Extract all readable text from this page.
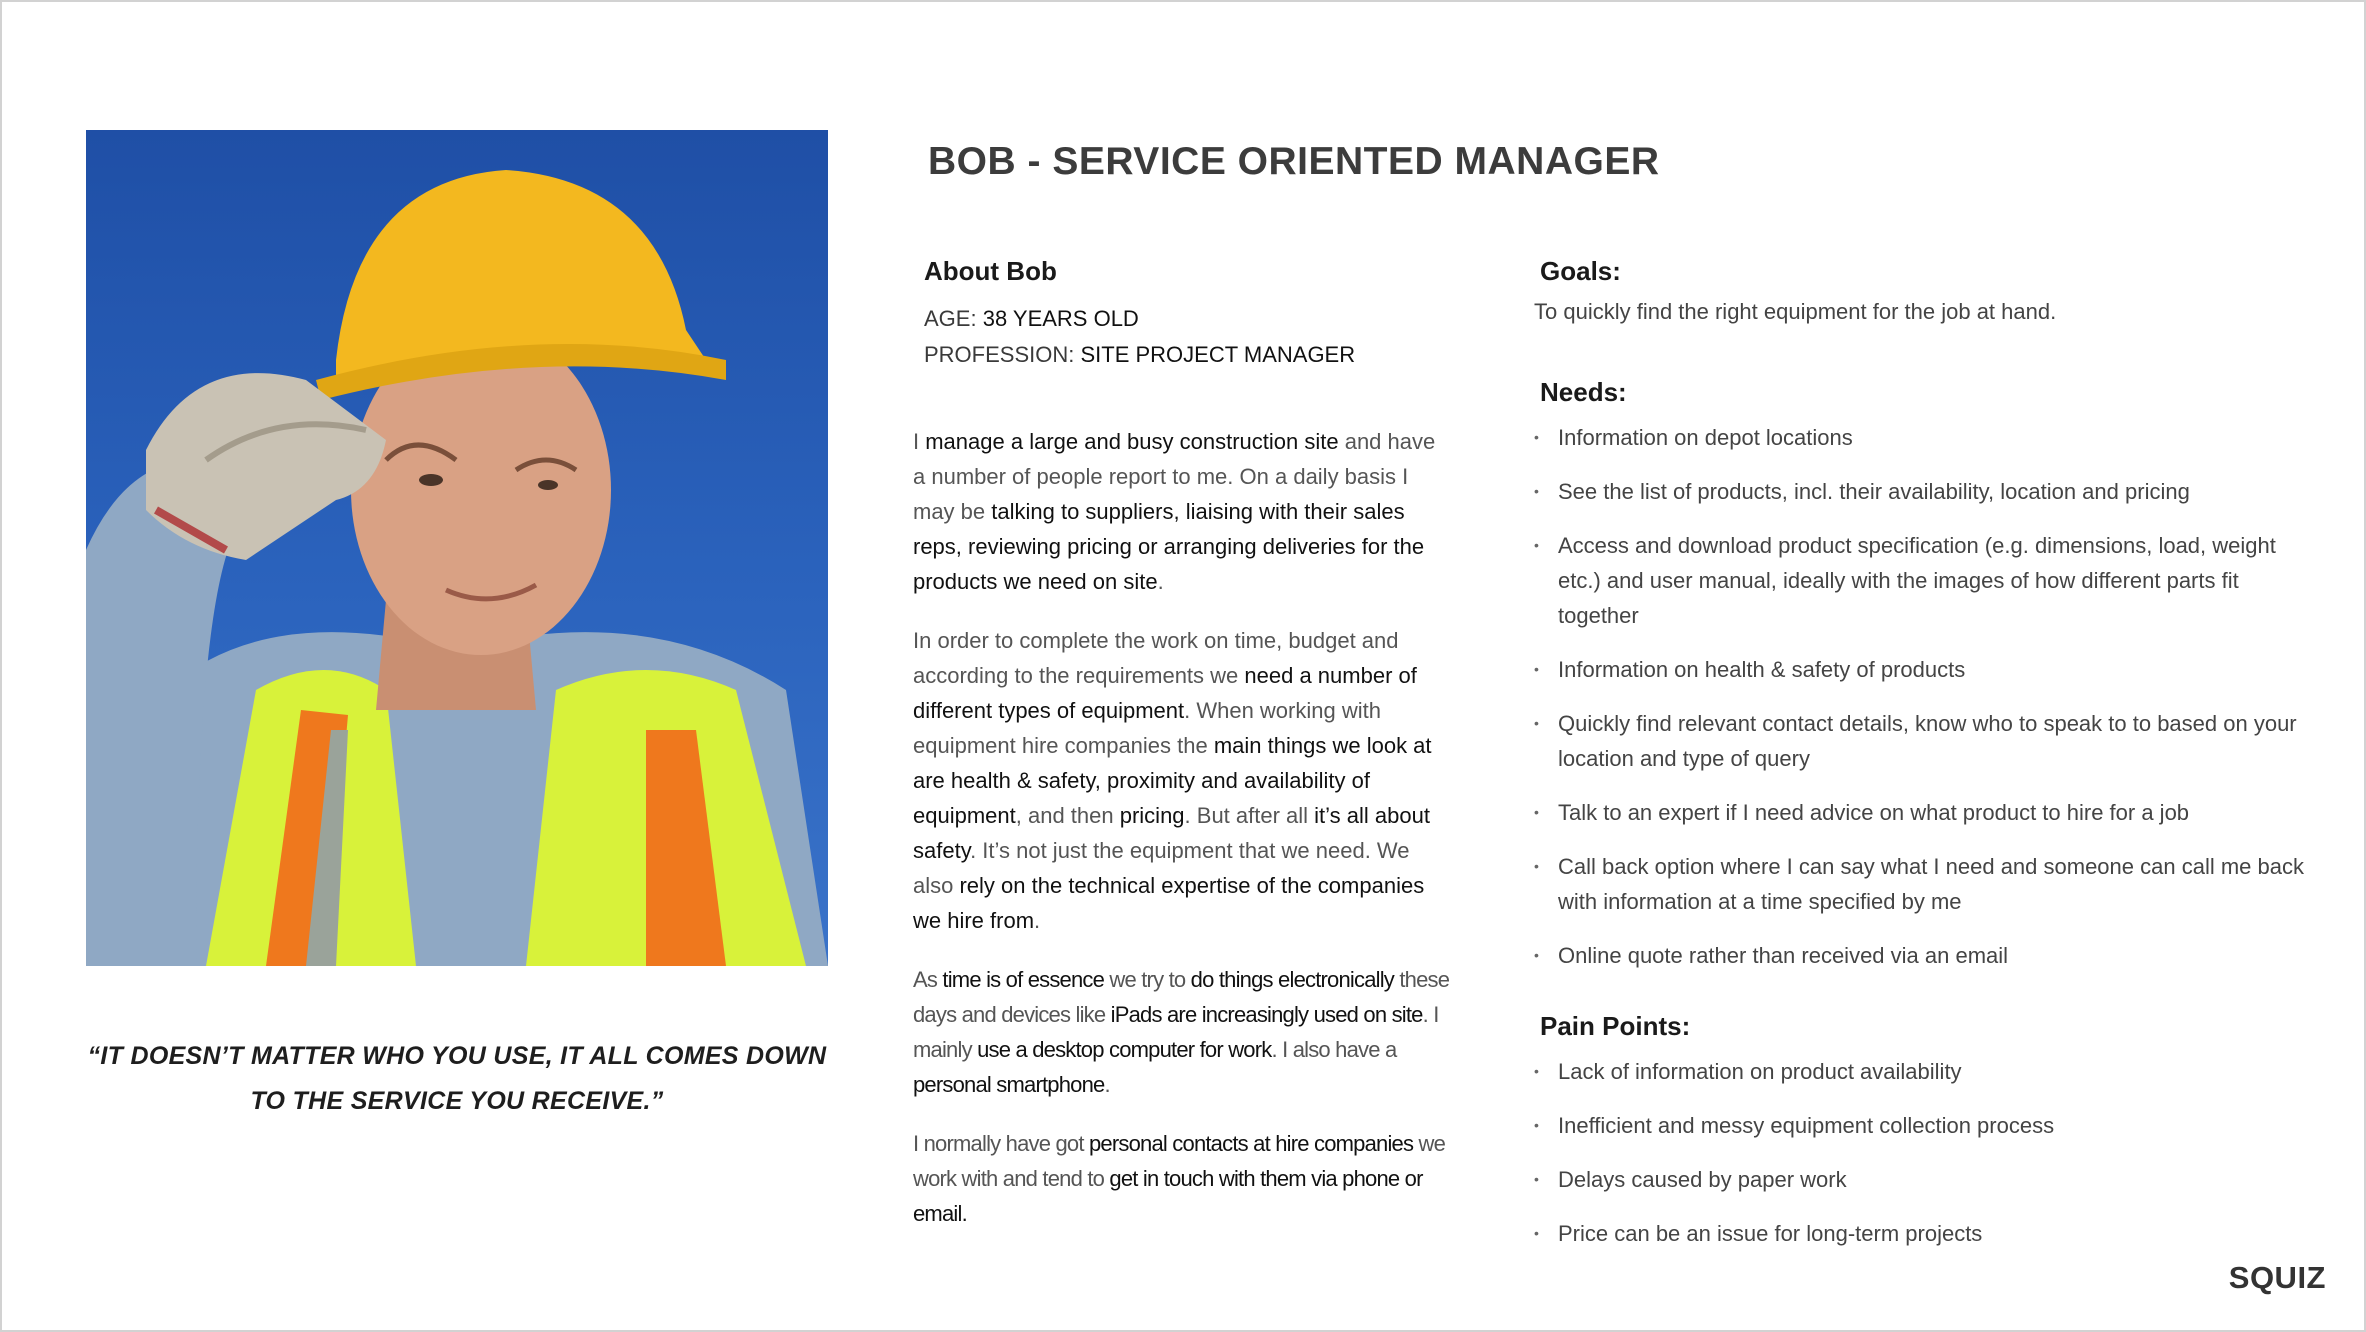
“IT DOESN’T MATTER WHO YOU USE, IT ALL COMES DOWN
TO THE SERVICE YOU RECEIVE.”
BOB - SERVICE ORIENTED MANAGER
About Bob
AGE: 38 YEARS OLD
PROFESSION: SITE PROJECT MANAGER

I manage a large and busy construction site and have a number of people report to me. On a daily basis I may be talking to suppliers, liaising with their sales reps, reviewing pricing or arranging deliveries for the products we need on site.

In order to complete the work on time, budget and according to the requirements we need a number of different types of equipment. When working with equipment hire companies the main things we look at are health & safety, proximity and availability of equipment, and then pricing. But after all it’s all about safety. It’s not just the equipment that we need. We also rely on the technical expertise of the companies we hire from.

As time is of essence we try to do things electronically these days and devices like iPads are increasingly used on site. I mainly use a desktop computer for work. I also have a personal smartphone.

I normally have got personal contacts at hire companies we work with and tend to get in touch with them via phone or email.

Goals:
To quickly find the right equipment for the job at hand.
Needs:
• Information on depot locations
• See the list of products, incl. their availability, location and pricing
• Access and download product specification (e.g. dimensions, load, weight etc.) and user manual, ideally with the images of how different parts fit together
• Information on health & safety of products
• Quickly find relevant contact details, know who to speak to to based on your location and type of query
• Talk to an expert if I need advice on what product to hire for a job
• Call back option where I can say what I need and someone can call me back with information at a time specified by me
• Online quote rather than received via an email
Pain Points:
• Lack of information on product availability
• Inefficient and messy equipment collection process
• Delays caused by paper work
• Price can be an issue for long-term projects
SQUIZ
